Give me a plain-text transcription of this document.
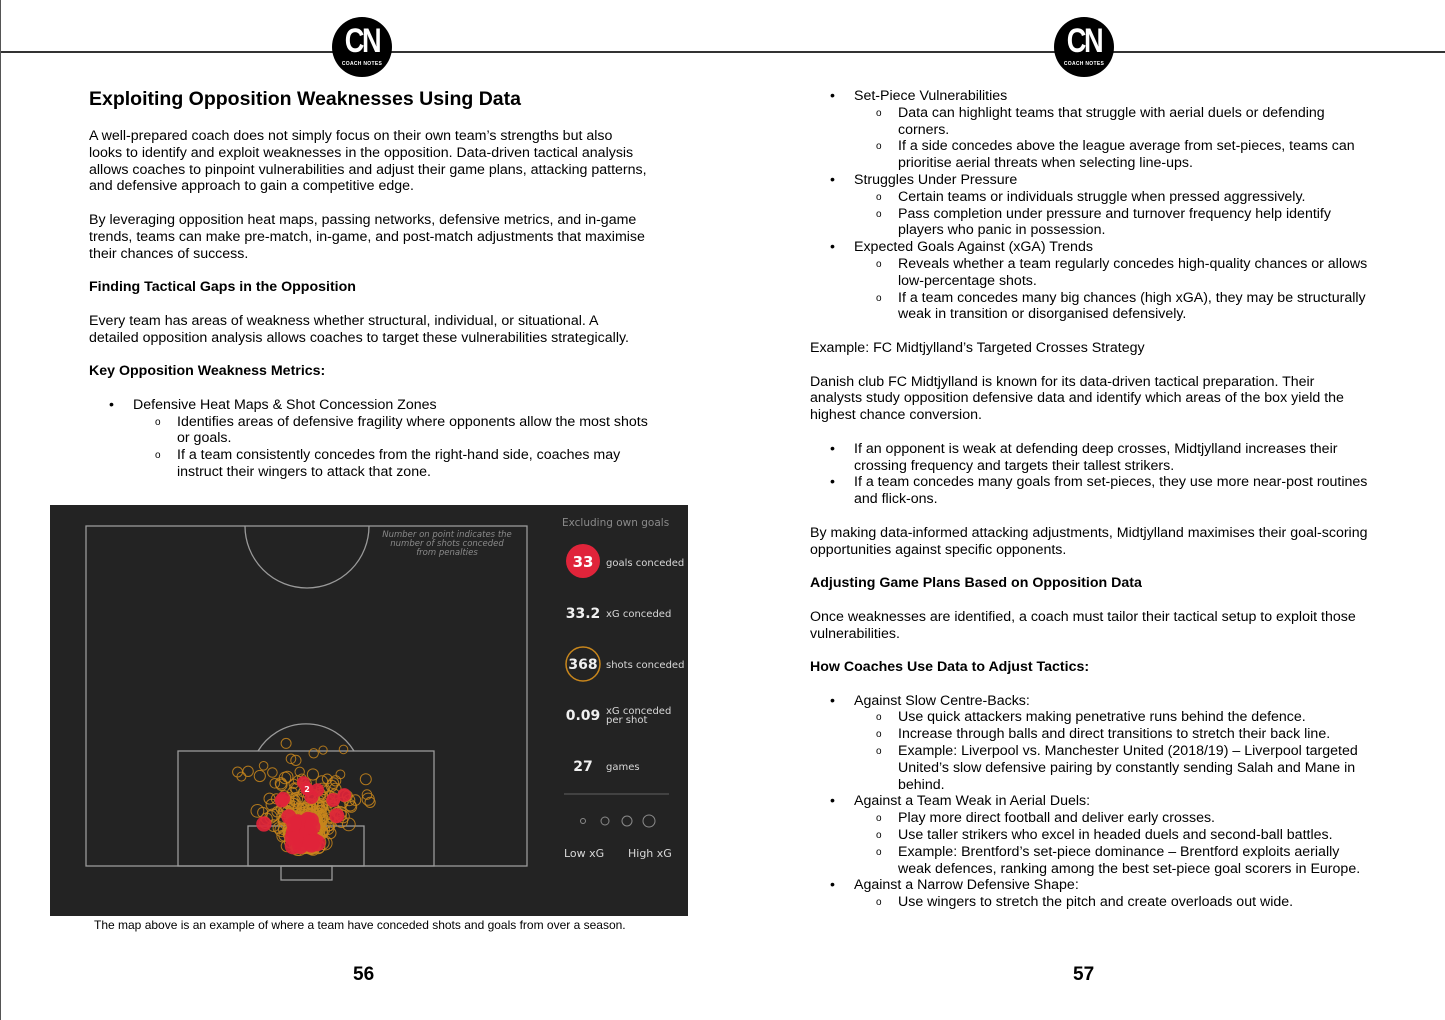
CN
COACH NOTES
Exploiting Opposition Weaknesses Using Data

A well-prepared coach does not simply focus on their own team’s strengths but also looks to identify and exploit weaknesses in the opposition. Data-driven tactical analysis allows coaches to pinpoint vulnerabilities and adjust their game plans, attacking patterns, and defensive approach to gain a competitive edge.

By leveraging opposition heat maps, passing networks, defensive metrics, and in-game trends, teams can make pre-match, in-game, and post-match adjustments that maximise their chances of success.

Finding Tactical Gaps in the Opposition

Every team has areas of weakness whether structural, individual, or situational. A detailed opposition analysis allows coaches to target these vulnerabilities strategically.

Key Opposition Weakness Metrics:

• Defensive Heat Maps & Shot Concession Zones
o Identifies areas of defensive fragility where opponents allow the most shots or goals.
o If a team consistently concedes from the right-hand side, coaches may instruct their wingers to attack that zone.
The map above is an example of where a team have conceded shots and goals from over a season.
56
2
Number on point indicates the
number of shots conceded
from penalties
Excluding own goals
33 goals conceded
33.2 xG conceded
368 shots conceded
0.09 xG conceded
per shot
27 games
Low xG High xG
CN
COACH NOTES
• Set-Piece Vulnerabilities
o Data can highlight teams that struggle with aerial duels or defending corners.
o If a side concedes above the league average from set-pieces, teams can prioritise aerial threats when selecting line-ups.
• Struggles Under Pressure
o Certain teams or individuals struggle when pressed aggressively.
o Pass completion under pressure and turnover frequency help identify players who panic in possession.
• Expected Goals Against (xGA) Trends
o Reveals whether a team regularly concedes high-quality chances or allows low-percentage shots.
o If a team concedes many big chances (high xGA), they may be structurally weak in transition or disorganised defensively.

Example: FC Midtjylland’s Targeted Crosses Strategy

Danish club FC Midtjylland is known for its data-driven tactical preparation. Their analysts study opposition defensive data and identify which areas of the box yield the highest chance conversion.

• If an opponent is weak at defending deep crosses, Midtjylland increases their crossing frequency and targets their tallest strikers.
• If a team concedes many goals from set-pieces, they use more near-post routines and flick-ons.

By making data-informed attacking adjustments, Midtjylland maximises their goal-scoring opportunities against specific opponents.

Adjusting Game Plans Based on Opposition Data

Once weaknesses are identified, a coach must tailor their tactical setup to exploit those vulnerabilities.

How Coaches Use Data to Adjust Tactics:

• Against Slow Centre-Backs:
o Use quick attackers making penetrative runs behind the defence.
o Increase through balls and direct transitions to stretch their back line.
o Example: Liverpool vs. Manchester United (2018/19) – Liverpool targeted United’s slow defensive pairing by constantly sending Salah and Mane in behind.
• Against a Team Weak in Aerial Duels:
o Play more direct football and deliver early crosses.
o Use taller strikers who excel in headed duels and second-ball battles.
o Example: Brentford’s set-piece dominance – Brentford exploits aerially weak defences, ranking among the best set-piece goal scorers in Europe.
• Against a Narrow Defensive Shape:
o Use wingers to stretch the pitch and create overloads out wide.
57
